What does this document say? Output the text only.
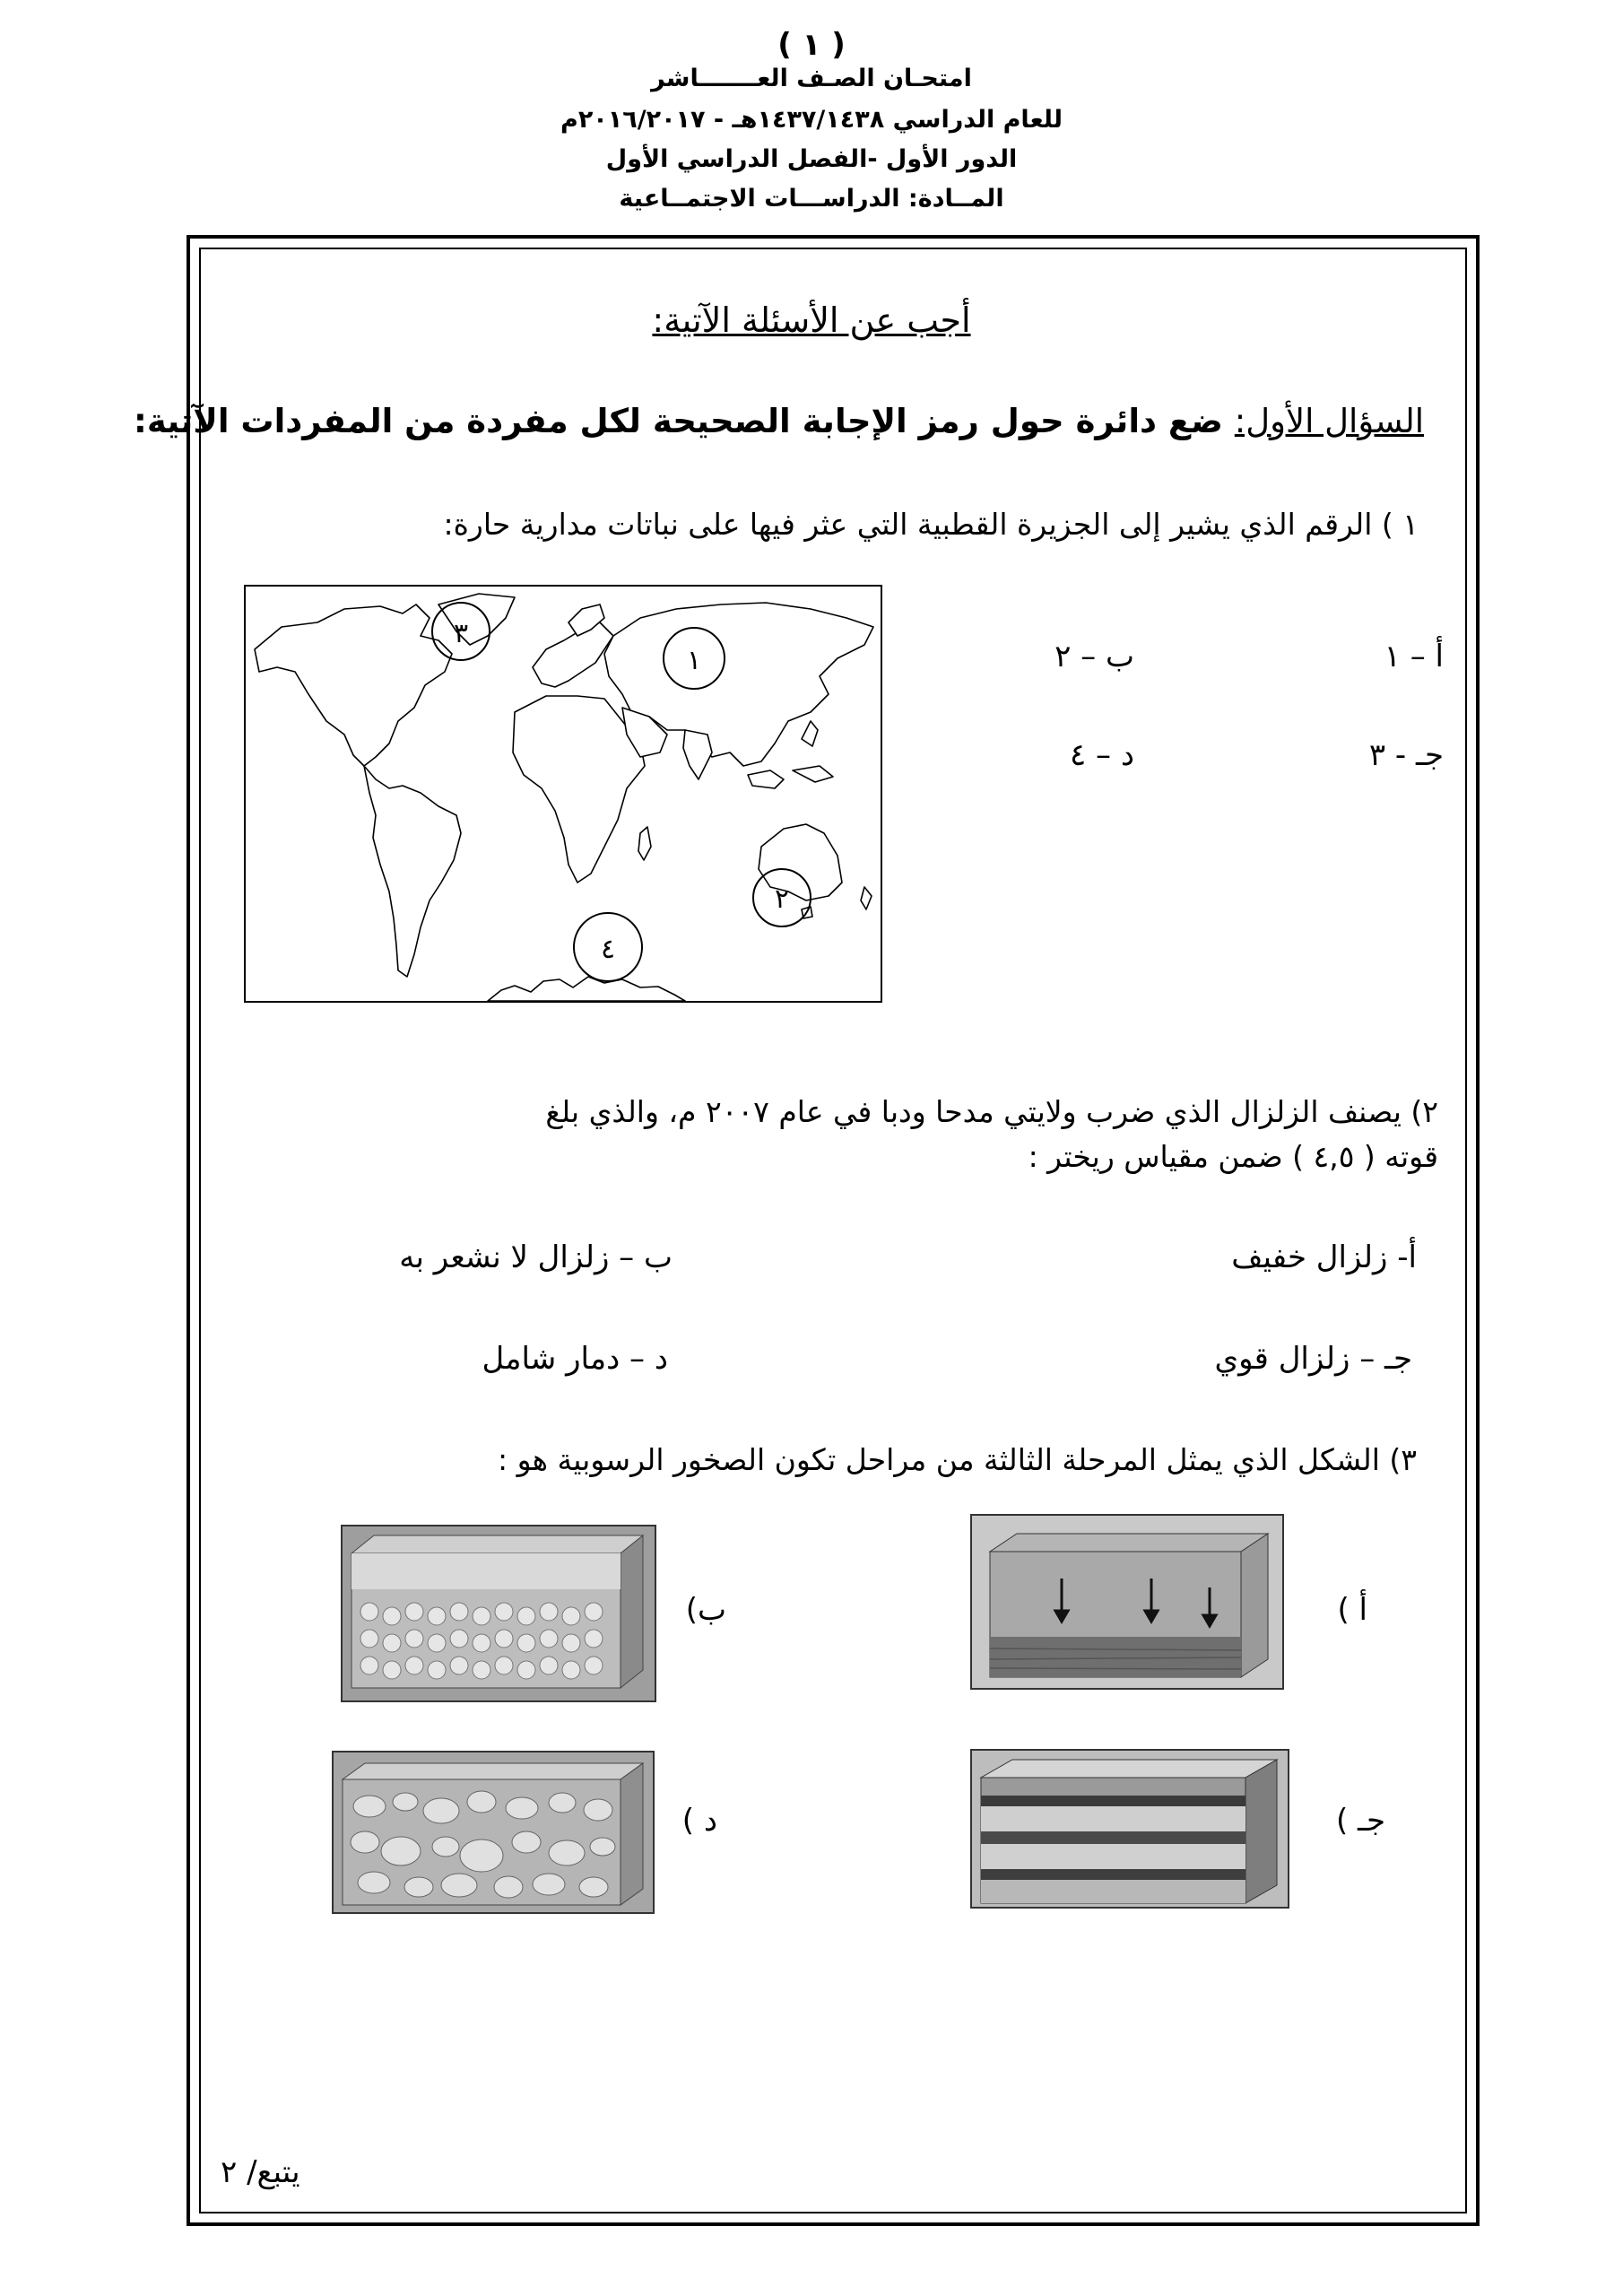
( ١ )
امتحـان الصـف العـــــــاشر
للعام الدراسي ١٤٣٧/١٤٣٨هـ - ٢٠١٦/٢٠١٧م
الدور الأول -الفصل الدراسي الأول
المــادة: الدراســـات الاجتمــاعية
أجب عن الأسئلة الآتية:
السؤال الأول: ضع دائرة حول رمز الإجابة الصحيحة لكل مفردة من المفردات الآتية:
١ ) الرقم الذي يشير إلى الجزيرة القطبية التي عثر فيها على نباتات مدارية حارة:
١
٢
٣
٤
أ – ١
ب – ٢
جـ - ٣
د – ٤
٢) يصنف الزلزال الذي ضرب ولايتي مدحا ودبا في عام ٢٠٠٧ م، والذي بلغ
قوته ( ٤,٥ ) ضمن مقياس ريختر :
أ- زلزال خفيف
ب – زلزال لا نشعر به
جـ – زلزال قوي
د – دمار شامل
٣) الشكل الذي يمثل المرحلة الثالثة من مراحل تكون الصخور الرسوبية هو :
أ )
ب)
جـ )
د )
يتبع/ ٢
